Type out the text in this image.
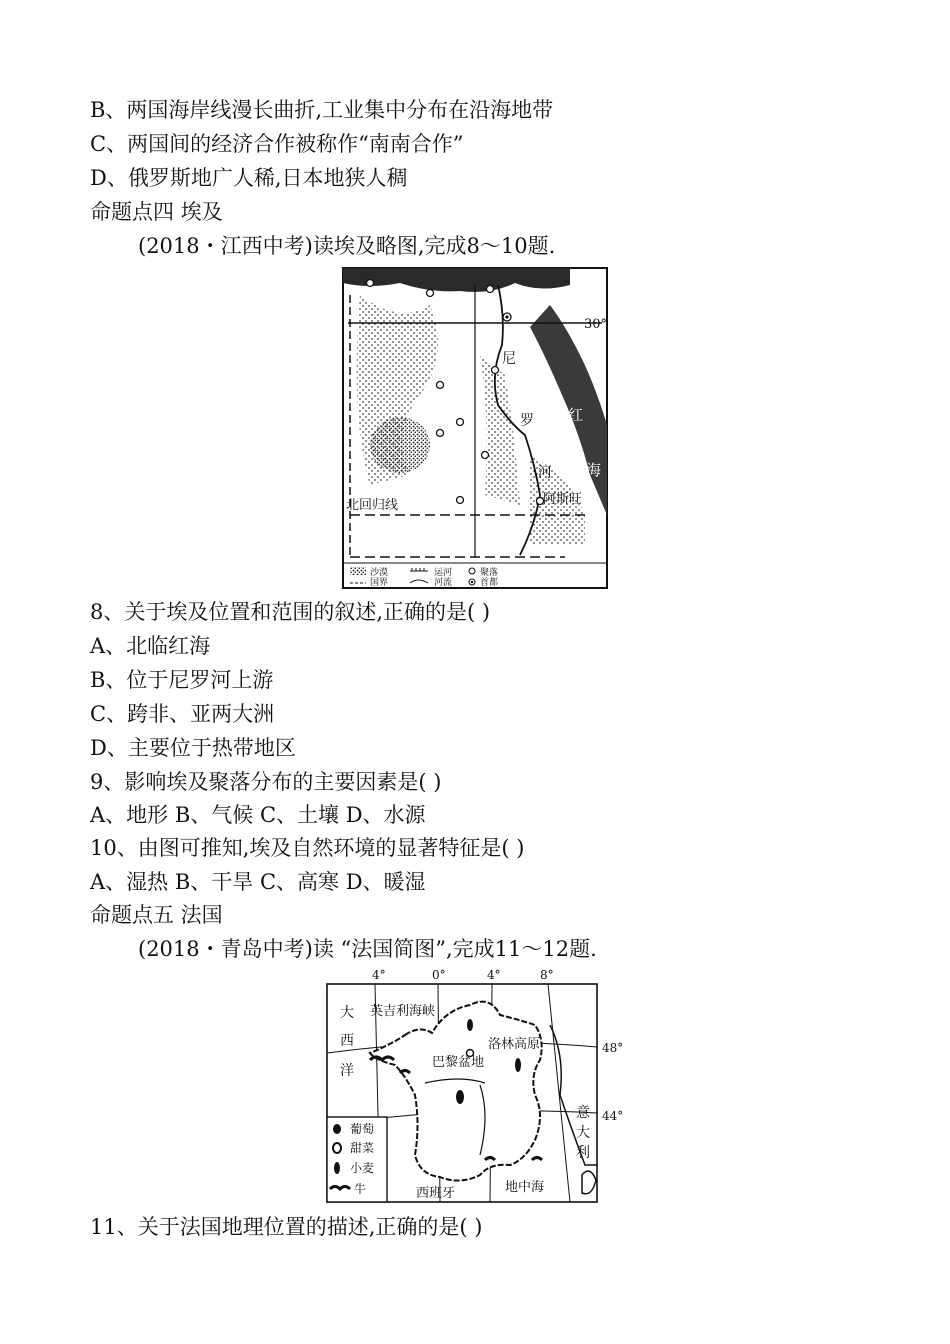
B、两国海岸线漫长曲折,工业集中分布在沿海地带
C、两国间的经济合作被称作“南南合作”
D、俄罗斯地广人稀,日本地狭人稠
命题点四 埃及
(2018・江西中考)读埃及略图,完成8～10题.
30°
尼
罗
河
红
海
阿斯旺
北回归线
沙漠
国界
运河
河流
聚落
首都
8、关于埃及位置和范围的叙述,正确的是( )
A、北临红海
B、位于尼罗河上游
C、跨非、亚两大洲
D、主要位于热带地区
9、影响埃及聚落分布的主要因素是( )
A、地形 B、气候 C、土壤 D、水源
10、由图可推知,埃及自然环境的显著特征是( )
A、湿热 B、干旱 C、高寒 D、暖湿
命题点五 法国
(2018・青岛中考)读 “法国简图”,完成11～12题.
4°	0°	4°	8°
大
西
洋
英吉利海峡
洛林高原
巴黎盆地
48°
44°
意
大
利
西班牙	地中海
葡萄
甜菜
小麦
牛
11、关于法国地理位置的描述,正确的是( )
